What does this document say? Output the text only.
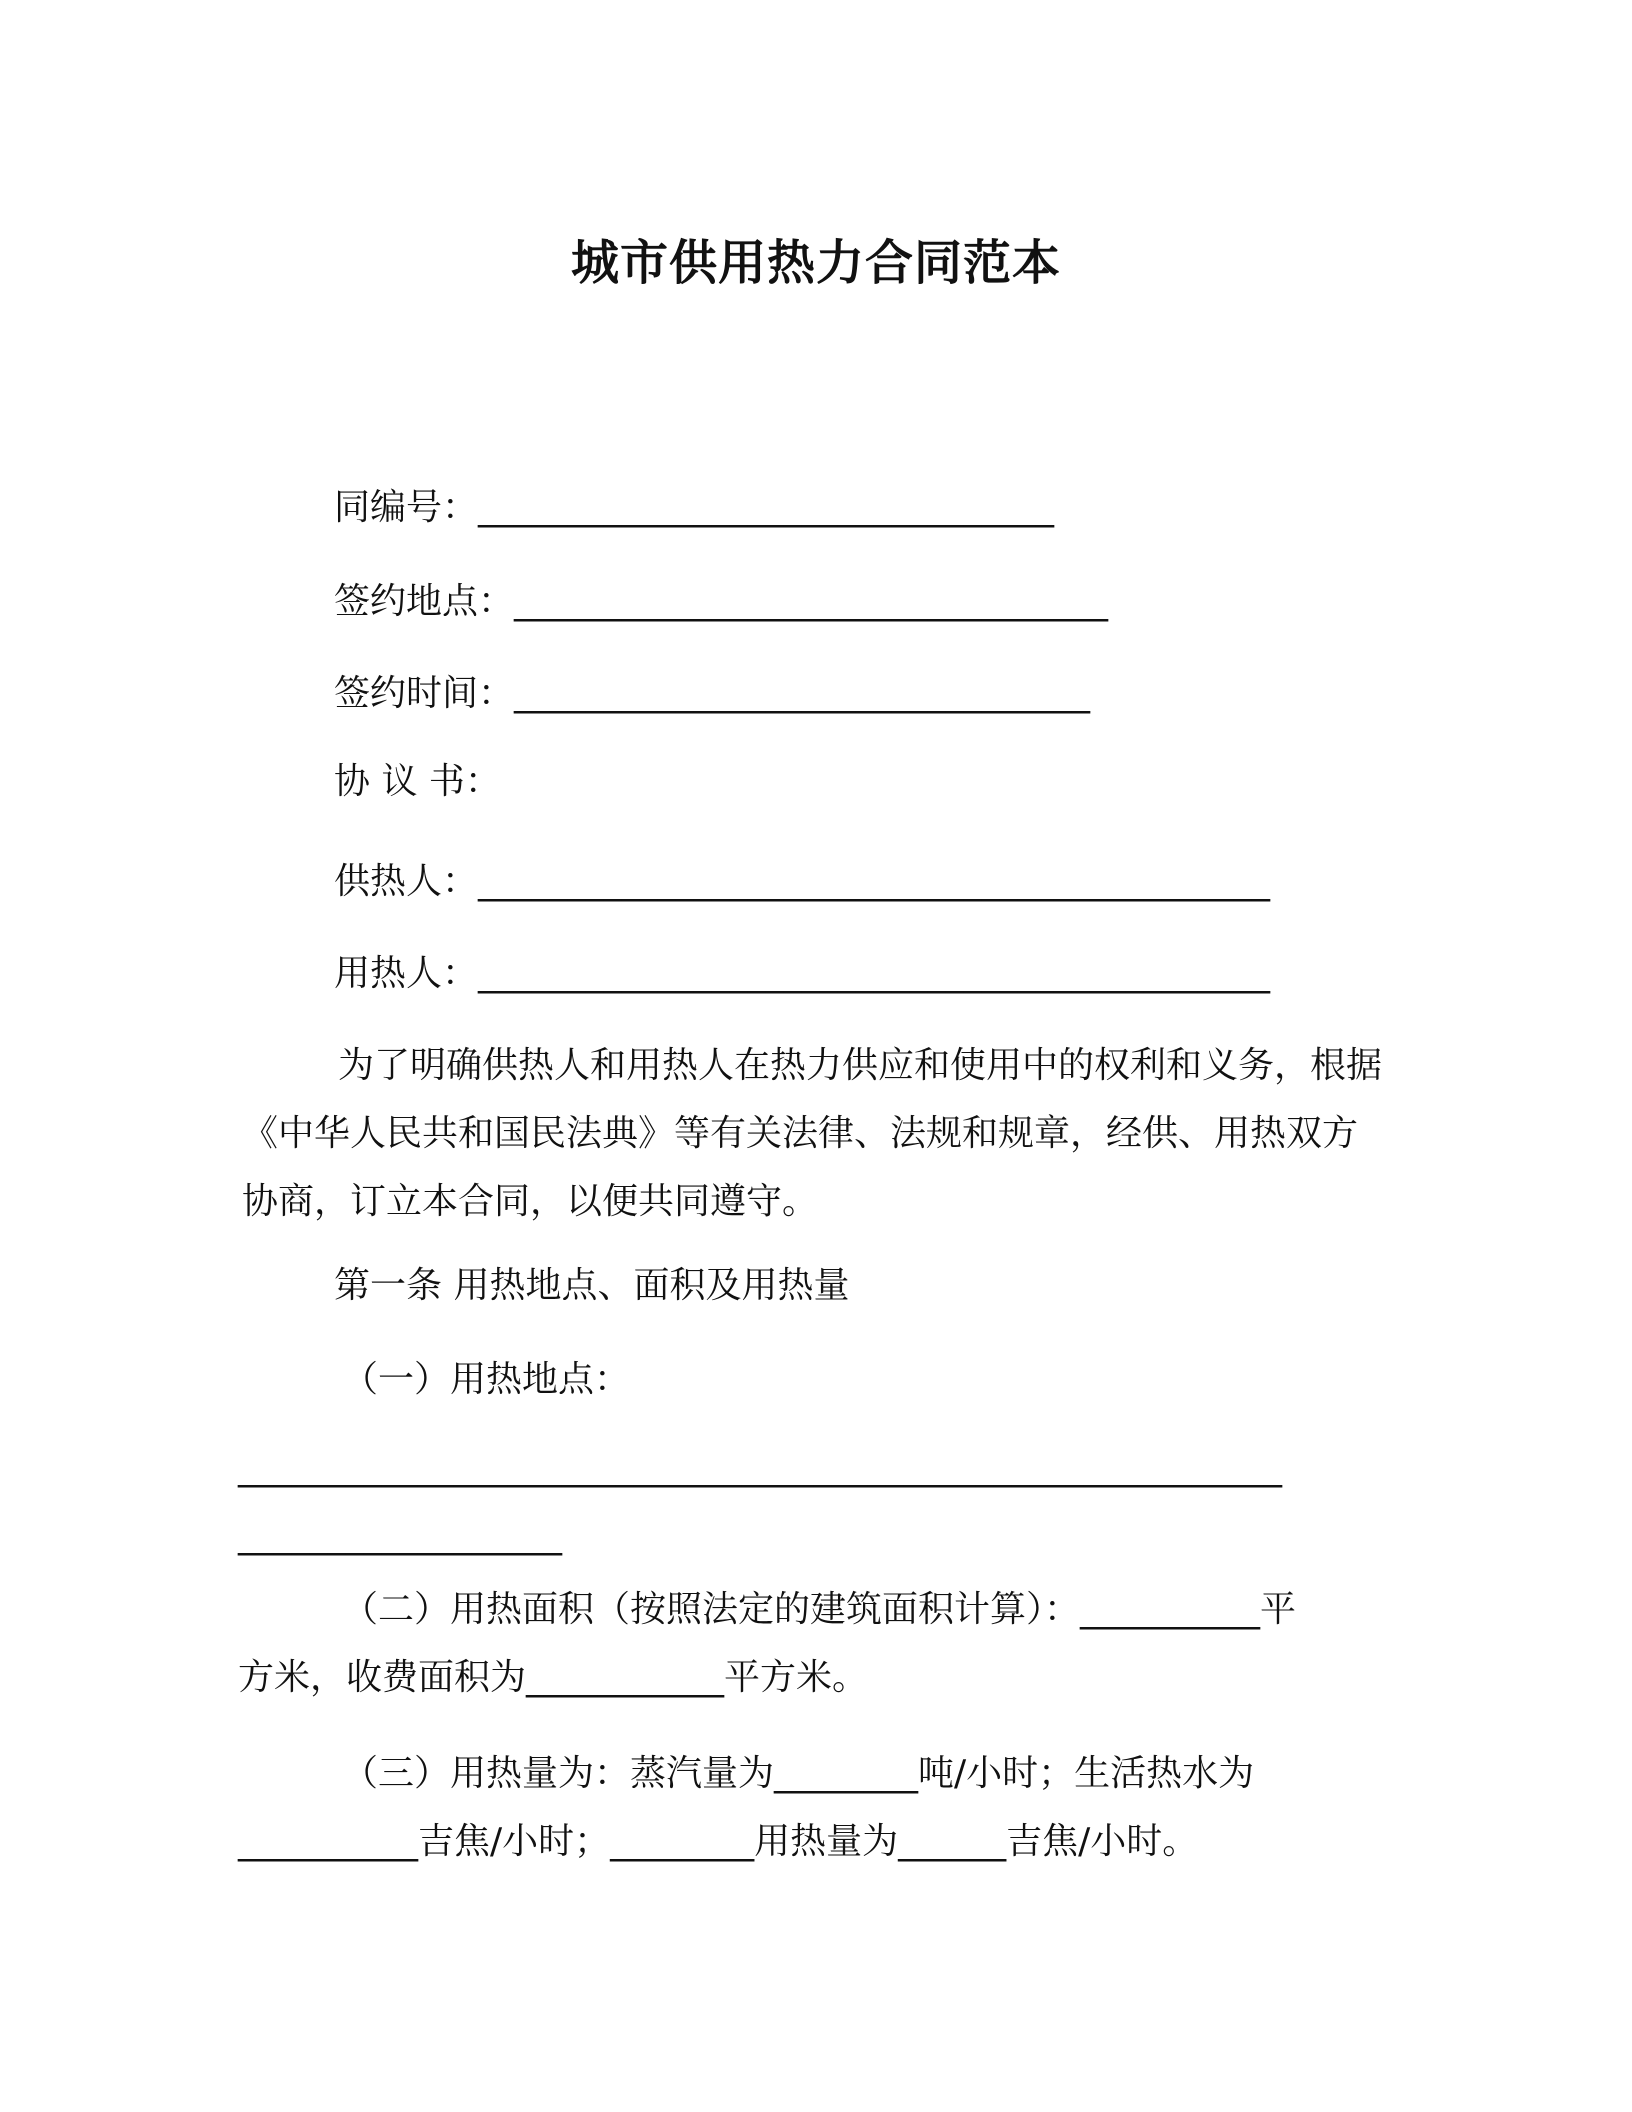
城市供用热力合同范本
同编号：________________________________
签约地点：_________________________________
签约时间：________________________________
协 议 书：
供热人：____________________________________________
用热人：____________________________________________

为了明确供热人和用热人在热力供应和使用中的权利和义务，根据《中华人民共和国民法典》等有关法律、法规和规章，经供、用热双方协商，订立本合同，以便共同遵守。

第一条 用热地点、面积及用热量
（一）用热地点：
__________________________________________________________
__________________
（二）用热面积（按照法定的建筑面积计算）：__________平
方米，收费面积为___________平方米。
（三）用热量为：蒸汽量为________吨/小时；生活热水为
__________吉焦/小时；________用热量为______吉焦/小时。
